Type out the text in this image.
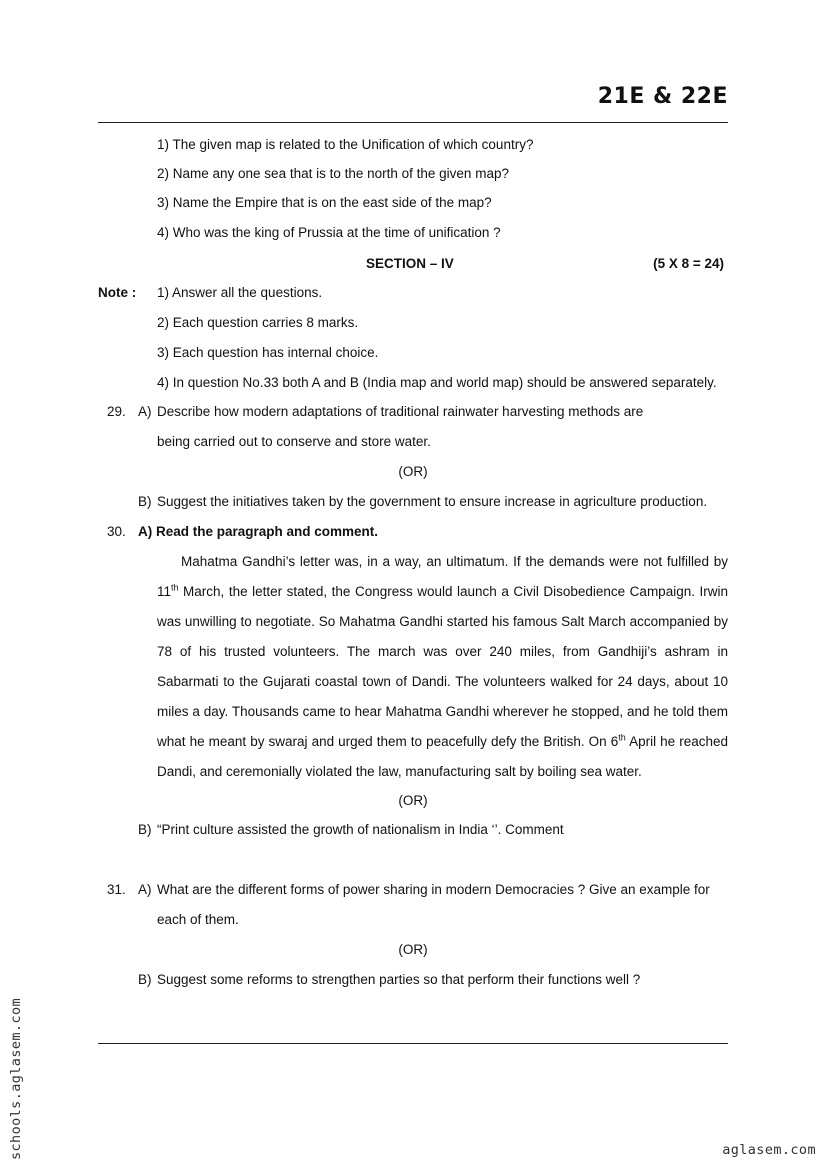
21E & 22E
1) The given map is related to the Unification of which country?
2) Name any one sea that is to the north of the given map?
3) Name the Empire that is on the east side of the map?
4) Who was the king of Prussia at the time of unification ?
SECTION – IV	(5 X 8 = 24)
Note : 1) Answer all the questions.
2) Each question carries 8 marks.
3) Each question has internal choice.
4) In question No.33 both A and B (India map and world map) should be answered separately.
29. A) Describe how modern adaptations of traditional rainwater harvesting methods are
being carried out to conserve and store water.
(OR)
B) Suggest the initiatives taken by the government to ensure increase in agriculture production.
30. A) Read the paragraph and comment.

Mahatma Gandhi’s letter was, in a way, an ultimatum. If the demands were not fulfilled by 11th March, the letter stated, the Congress would launch a Civil Disobedience Campaign. Irwin was unwilling to negotiate. So Mahatma Gandhi started his famous Salt March accompanied by 78 of his trusted volunteers. The march was over 240 miles, from Gandhiji’s ashram in Sabarmati to the Gujarati coastal town of Dandi. The volunteers walked for 24 days, about 10 miles a day. Thousands came to hear Mahatma Gandhi wherever he stopped, and he told them what he meant by swaraj and urged them to peacefully defy the British. On 6th April he reached Dandi, and ceremonially violated the law, manufacturing salt by boiling sea water.

(OR)
B) “Print culture assisted the growth of nationalism in India ‘’. Comment
31. A) What are the different forms of power sharing in modern Democracies ? Give an example for
each of them.
(OR)
B) Suggest some reforms to strengthen parties so that perform their functions well ?
schools.aglasem.com	aglasem.com
